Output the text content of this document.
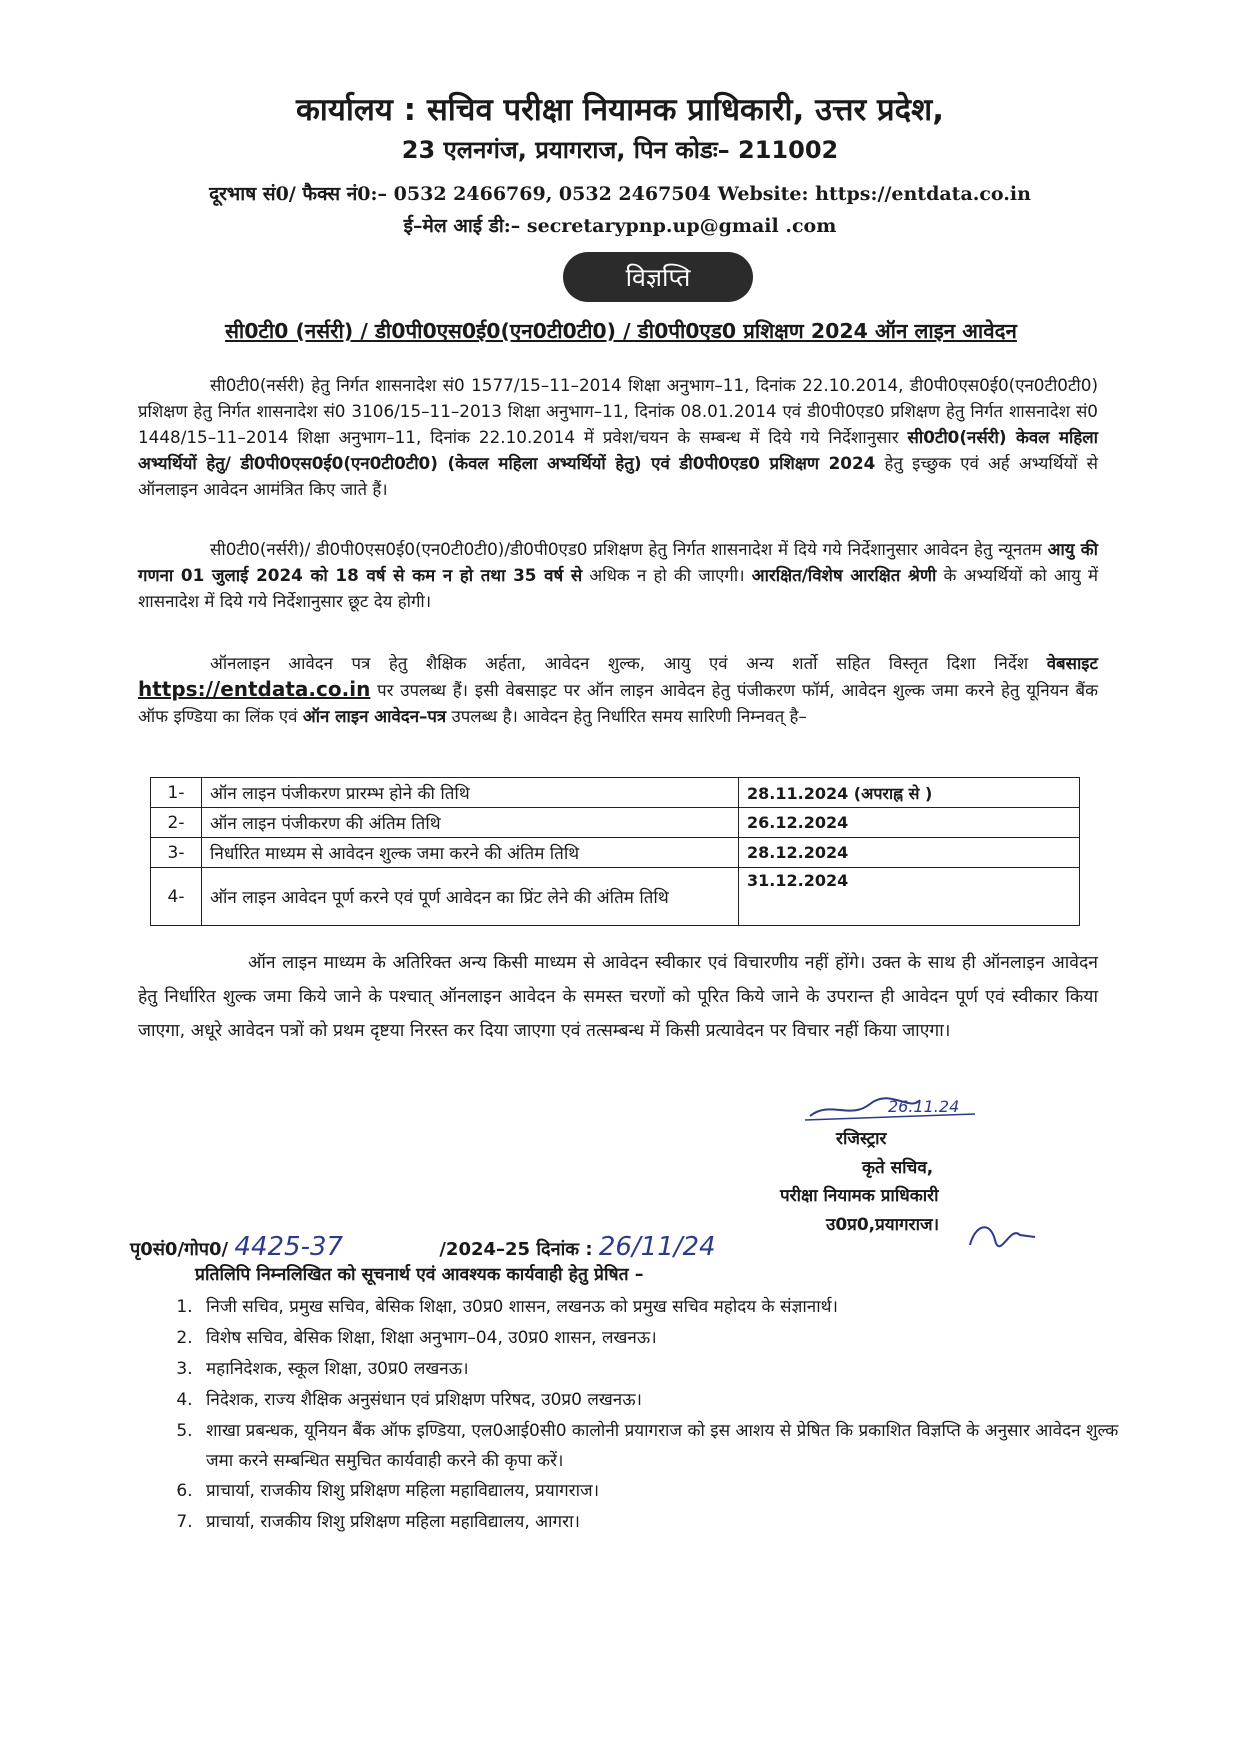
कार्यालय : सचिव परीक्षा नियामक प्राधिकारी, उत्तर प्रदेश,
23 एलनगंज, प्रयागराज, पिन कोडः– 211002
दूरभाष सं0/ फैक्स नं0:– 0532 2466769, 0532 2467504 Website: https://entdata.co.in
ई–मेल आई डी:– secretarypnp.up@gmail .com
विज्ञप्ति
सी0टी0 (नर्सरी) / डी0पी0एस0ई0(एन0टी0टी0) / डी0पी0एड0 प्रशिक्षण 2024 ऑन लाइन आवेदन
सी0टी0(नर्सरी) हेतु निर्गत शासनादेश सं0 1577/15–11–2014 शिक्षा अनुभाग–11, दिनांक 22.10.2014, डी0पी0एस0ई0(एन0टी0टी0) प्रशिक्षण हेतु निर्गत शासनादेश सं0 3106/15–11–2013 शिक्षा अनुभाग–11, दिनांक 08.01.2014 एवं डी0पी0एड0 प्रशिक्षण हेतु निर्गत शासनादेश सं0 1448/15–11–2014 शिक्षा अनुभाग–11, दिनांक 22.10.2014 में प्रवेश/चयन के सम्बन्ध में दिये गये निर्देशानुसार सी0टी0(नर्सरी) केवल महिला अभ्यर्थियों हेतु/ डी0पी0एस0ई0(एन0टी0टी0) (केवल महिला अभ्यर्थियों हेतु) एवं डी0पी0एड0 प्रशिक्षण 2024 हेतु इच्छुक एवं अर्ह अभ्यर्थियों से ऑनलाइन आवेदन आमंत्रित किए जाते हैं।
सी0टी0(नर्सरी)/ डी0पी0एस0ई0(एन0टी0टी0)/डी0पी0एड0 प्रशिक्षण हेतु निर्गत शासनादेश में दिये गये निर्देशानुसार आवेदन हेतु न्यूनतम आयु की गणना 01 जुलाई 2024 को 18 वर्ष से कम न हो तथा 35 वर्ष से अधिक न हो की जाएगी। आरक्षित/विशेष आरक्षित श्रेणी के अभ्यर्थियों को आयु में शासनादेश में दिये गये निर्देशानुसार छूट देय होगी।
ऑनलाइन आवेदन पत्र हेतु शैक्षिक अर्हता, आवेदन शुल्क, आयु एवं अन्य शर्तो सहित विस्तृत दिशा निर्देश वेबसाइट https://entdata.co.in पर उपलब्ध हैं। इसी वेबसाइट पर ऑन लाइन आवेदन हेतु पंजीकरण फॉर्म, आवेदन शुल्क जमा करने हेतु यूनियन बैंक ऑफ इण्डिया का लिंक एवं ऑन लाइन आवेदन–पत्र उपलब्ध है। आवेदन हेतु निर्धारित समय सारिणी निम्नवत् है–
1-	ऑन लाइन पंजीकरण प्रारम्भ होने की तिथि	28.11.2024 (अपराह्न से )
2-	ऑन लाइन पंजीकरण की अंतिम तिथि	26.12.2024
3-	निर्धारित माध्यम से आवेदन शुल्क जमा करने की अंतिम तिथि	28.12.2024
4-	ऑन लाइन आवेदन पूर्ण करने एवं पूर्ण आवेदन का प्रिंट लेने की अंतिम तिथि	31.12.2024
ऑन लाइन माध्यम के अतिरिक्त अन्य किसी माध्यम से आवेदन स्वीकार एवं विचारणीय नहीं होंगे। उक्त के साथ ही ऑनलाइन आवेदन हेतु निर्धारित शुल्क जमा किये जाने के पश्चात् ऑनलाइन आवेदन के समस्त चरणों को पूरित किये जाने के उपरान्त ही आवेदन पूर्ण एवं स्वीकार किया जाएगा, अधूरे आवेदन पत्रों को प्रथम दृष्टया निरस्त कर दिया जाएगा एवं तत्सम्बन्ध में किसी प्रत्यावेदन पर विचार नहीं किया जाएगा।
26.11.24
रजिस्ट्रार
कृते सचिव,
परीक्षा नियामक प्राधिकारी
उ0प्र0,प्रयागराज।
पृ0सं0/गोप0/ 4425-37	/2024–25 दिनांक : 26/11/24
प्रतिलिपि निम्नलिखित को सूचनार्थ एवं आवश्यक कार्यवाही हेतु प्रेषित –
1. निजी सचिव, प्रमुख सचिव, बेसिक शिक्षा, उ0प्र0 शासन, लखनऊ को प्रमुख सचिव महोदय के संज्ञानार्थ।
2. विशेष सचिव, बेसिक शिक्षा, शिक्षा अनुभाग–04, उ0प्र0 शासन, लखनऊ।
3. महानिदेशक, स्कूल शिक्षा, उ0प्र0 लखनऊ।
4. निदेशक, राज्य शैक्षिक अनुसंधान एवं प्रशिक्षण परिषद, उ0प्र0 लखनऊ।
5. शाखा प्रबन्धक, यूनियन बैंक ऑफ इण्डिया, एल0आई0सी0 कालोनी प्रयागराज को इस आशय से प्रेषित कि प्रकाशित विज्ञप्ति के अनुसार आवेदन शुल्क जमा करने सम्बन्धित समुचित कार्यवाही करने की कृपा करें।
6. प्राचार्या, राजकीय शिशु प्रशिक्षण महिला महाविद्यालय, प्रयागराज।
7. प्राचार्या, राजकीय शिशु प्रशिक्षण महिला महाविद्यालय, आगरा।
